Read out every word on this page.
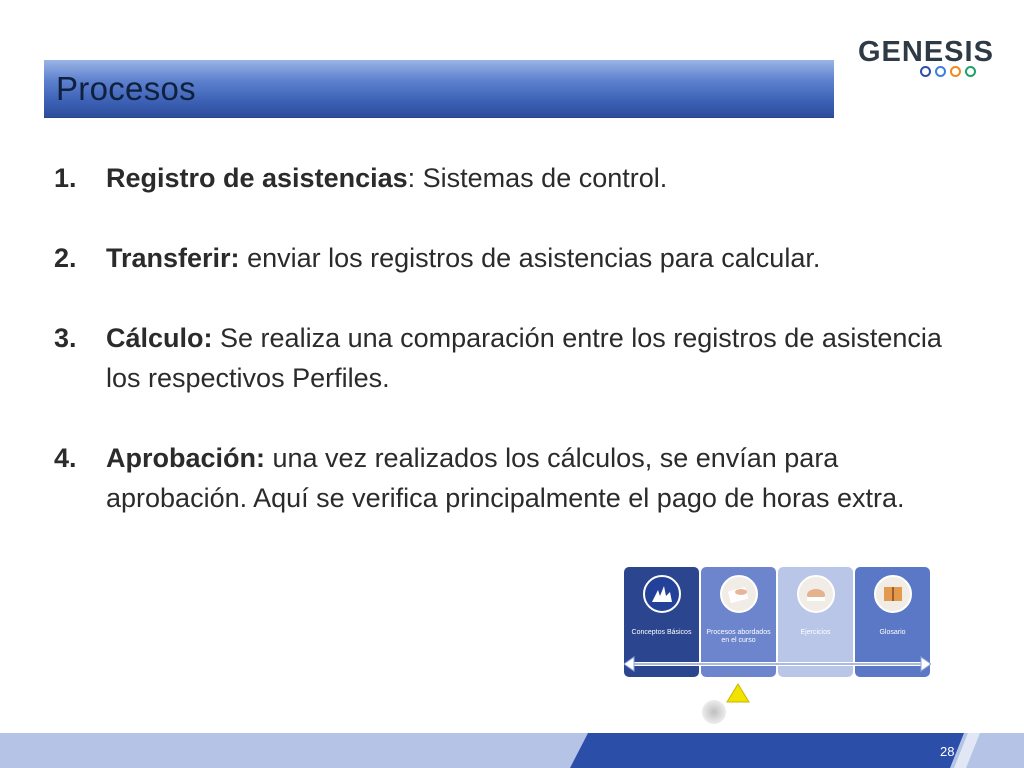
Procesos
GENESIS
1.	Registro de asistencias: Sistemas de control.
2.	Transferir: enviar los registros de asistencias para calcular.
3.	Cálculo: Se realiza una comparación entre los registros de asistencia los respectivos Perfiles.
4.	Aprobación: una vez realizados los cálculos, se envían para aprobación. Aquí se verifica principalmente el pago de horas extra.
Conceptos Básicos	Procesos abordados en el curso
Ejercicios	Glosario
28
